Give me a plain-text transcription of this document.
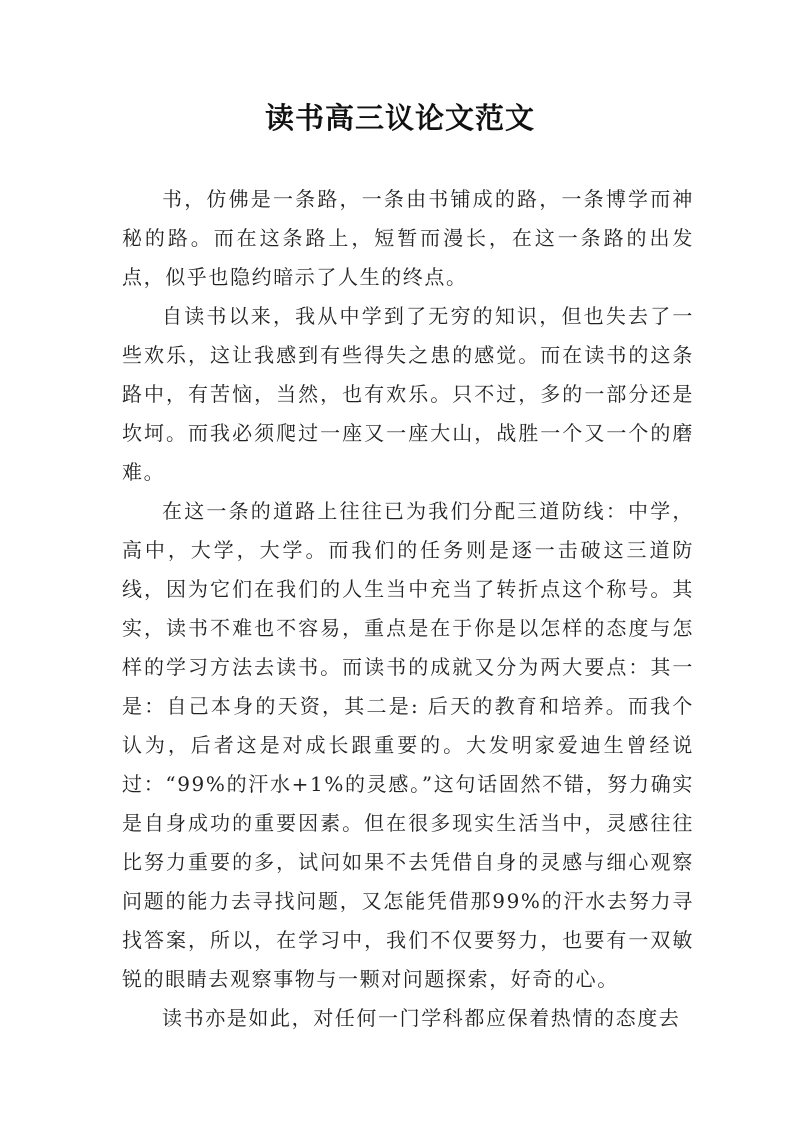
读书高三议论文范文

书，仿佛是一条路，一条由书铺成的路，一条博学而神秘的路。而在这条路上，短暂而漫长，在这一条路的出发点，似乎也隐约暗示了人生的终点。

自读书以来，我从中学到了无穷的知识，但也失去了一些欢乐，这让我感到有些得失之患的感觉。而在读书的这条路中，有苦恼，当然，也有欢乐。只不过，多的一部分还是坎坷。而我必须爬过一座又一座大山，战胜一个又一个的磨难。

在这一条的道路上往往已为我们分配三道防线：中学，高中，大学，大学。而我们的任务则是逐一击破这三道防线，因为它们在我们的人生当中充当了转折点这个称号。其实，读书不难也不容易，重点是在于你是以怎样的态度与怎样的学习方法去读书。而读书的成就又分为两大要点：其一是：自己本身的天资，其二是: 后天的教育和培养。而我个认为，后者这是对成长跟重要的。大发明家爱迪生曾经说过：“99%的汗水+1%的灵感。”这句话固然不错，努力确实是自身成功的重要因素。但在很多现实生活当中，灵感往往比努力重要的多，试问如果不去凭借自身的灵感与细心观察问题的能力去寻找问题，又怎能凭借那99%的汗水去努力寻找答案，所以，在学习中，我们不仅要努力，也要有一双敏锐的眼睛去观察事物与一颗对问题探索，好奇的心。

读书亦是如此，对任何一门学科都应保着热情的态度去
